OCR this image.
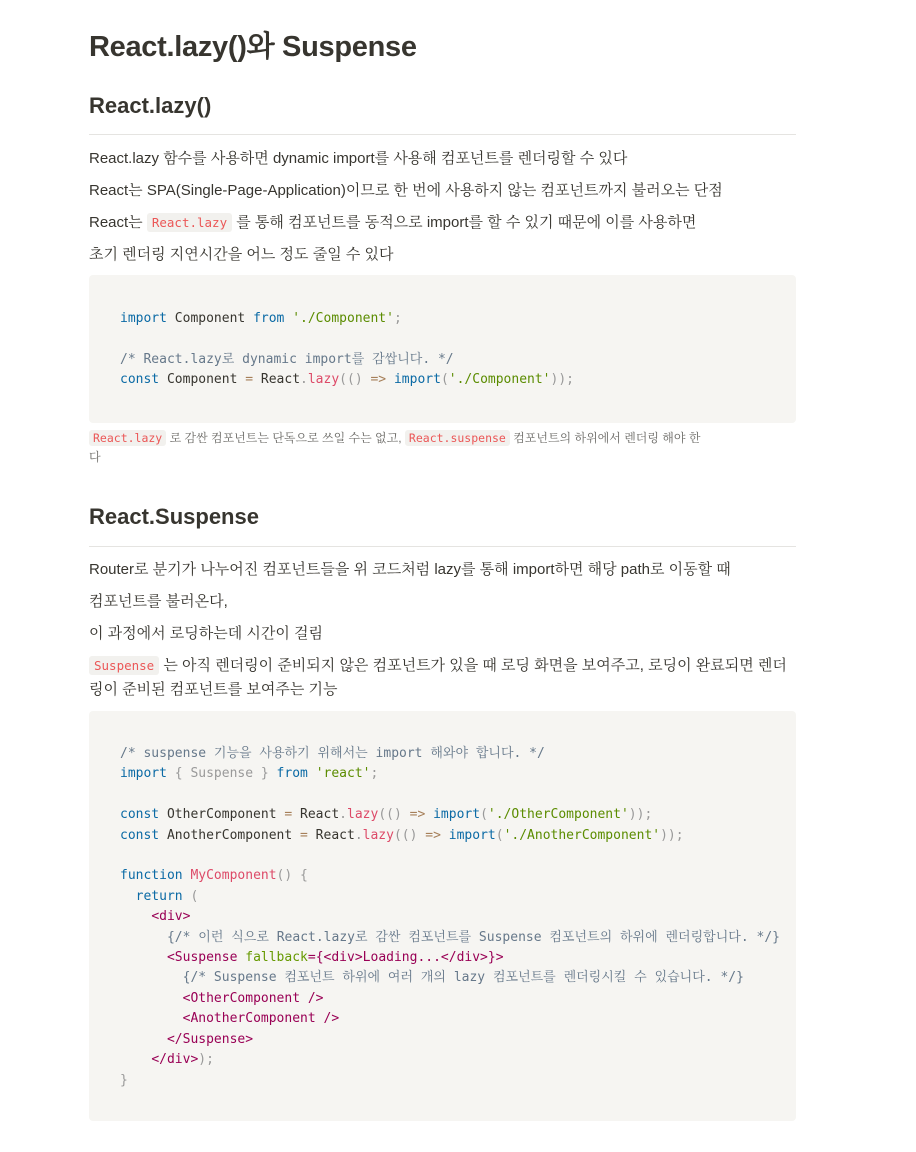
React.lazy()와 Suspense
React.lazy()
React.lazy 함수를 사용하면 dynamic import를 사용해 컴포넌트를 렌더링할 수 있다
React는 SPA(Single-Page-Application)이므로 한 번에 사용하지 않는 컴포넌트까지 불러오는 단점
React는 React.lazy 를 통해 컴포넌트를 동적으로 import를 할 수 있기 때문에 이를 사용하면
초기 렌더링 지연시간을 어느 정도 줄일 수 있다
import Component from './Component';

/* React.lazy로 dynamic import를 감쌉니다. */
const Component = React.lazy(() => import('./Component'));
React.lazy 로 감싼 컴포넌트는 단독으로 쓰일 수는 없고, React.suspense 컴포넌트의 하위에서 렌더링 해야 한다
React.Suspense
Router로 분기가 나누어진 컴포넌트들을 위 코드처럼 lazy를 통해 import하면 해당 path로 이동할 때
컴포넌트를 불러온다,
이 과정에서 로딩하는데 시간이 걸림
Suspense 는 아직 렌더링이 준비되지 않은 컴포넌트가 있을 때 로딩 화면을 보여주고, 로딩이 완료되면 렌더링이 준비된 컴포넌트를 보여주는 기능
/* suspense 기능을 사용하기 위해서는 import 해와야 합니다. */
import { Suspense } from 'react';

const OtherComponent = React.lazy(() => import('./OtherComponent'));
const AnotherComponent = React.lazy(() => import('./AnotherComponent'));

function MyComponent() {
return (
<div>
{/* 이런 식으로 React.lazy로 감싼 컴포넌트를 Suspense 컴포넌트의 하위에 렌더링합니다. */}
<Suspense fallback={<div>Loading...</div>}>
{/* Suspense 컴포넌트 하위에 여러 개의 lazy 컴포넌트를 렌더링시킬 수 있습니다. */}
<OtherComponent />
<AnotherComponent />
</Suspense>
</div>);
}
